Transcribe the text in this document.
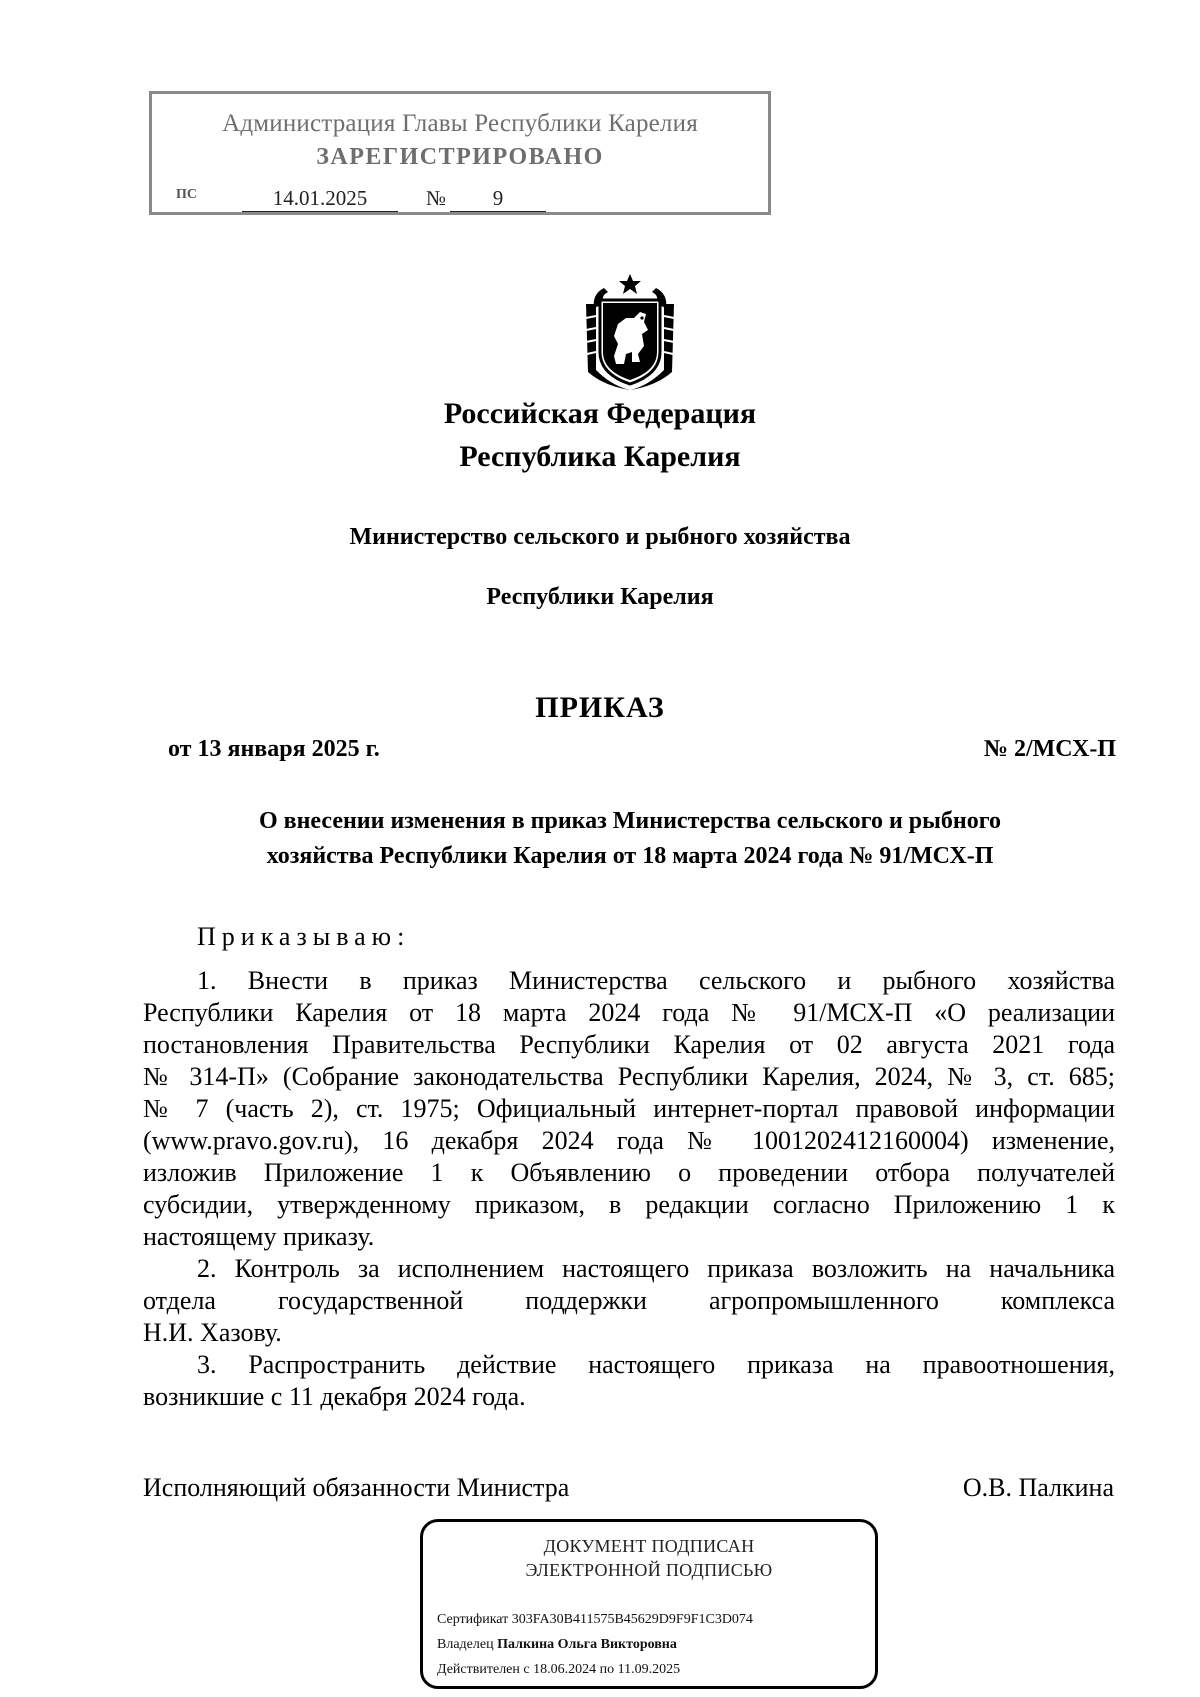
Администрация Главы Республики Карелия
ЗАРЕГИСТРИРОВАНО
ПС	14.01.2025	№	9
Российская Федерация
Республика Карелия
Министерство сельского и рыбного хозяйства
Республики Карелия
ПРИКАЗ
от 13 января 2025 г.	№ 2/МСХ-П
О внесении изменения в приказ Министерства сельского и рыбного
хозяйства Республики Карелия от 18 марта 2024 года № 91/МСХ-П
Приказываю:
1. Внести в приказ Министерства сельского и рыбного хозяйства
Республики Карелия от 18 марта 2024 года № 91/МСХ-П «О реализации
постановления Правительства Республики Карелия от 02 августа 2021 года
№ 314-П» (Собрание законодательства Республики Карелия, 2024, № 3, ст. 685;
№ 7 (часть 2), ст. 1975; Официальный интернет-портал правовой информации
(www.pravo.gov.ru), 16 декабря 2024 года № 1001202412160004) изменение,
изложив Приложение 1 к Объявлению о проведении отбора получателей
субсидии, утвержденному приказом, в редакции согласно Приложению 1 к
настоящему приказу.
2. Контроль за исполнением настоящего приказа возложить на начальника
отдела государственной поддержки агропромышленного комплекса
Н.И. Хазову.
3. Распространить действие настоящего приказа на правоотношения,
возникшие с 11 декабря 2024 года.
Исполняющий обязанности Министра	О.В. Палкина
ДОКУМЕНТ ПОДПИСАН
ЭЛЕКТРОННОЙ ПОДПИСЬЮ
Сертификат 303FA30B411575B45629D9F9F1C3D074
Владелец Палкина Ольга Викторовна
Действителен с 18.06.2024 по 11.09.2025
